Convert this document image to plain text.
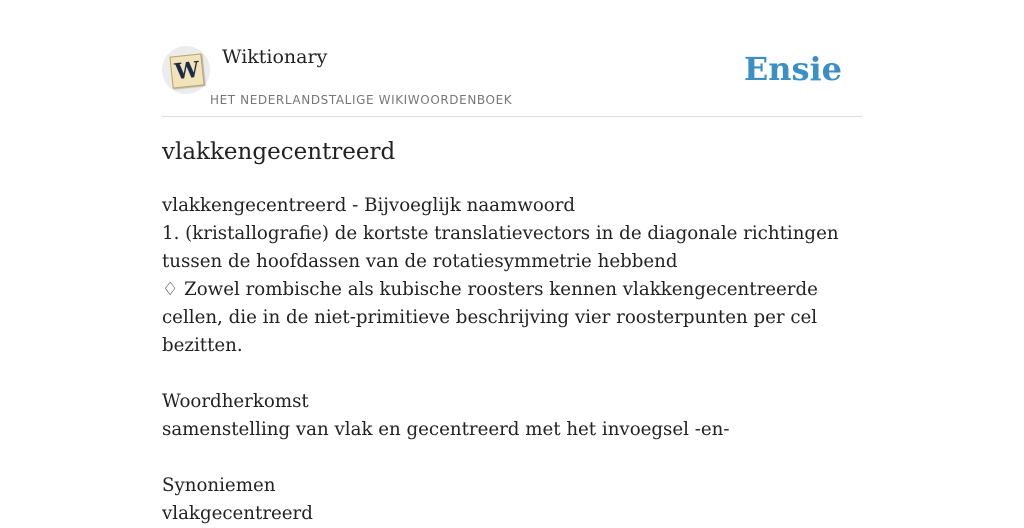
W Wiktionary
HET NEDERLANDSTALIGE WIKIWOORDENBOEK
Ensie
vlakkengecentreerd

vlakkengecentreerd - Bijvoeglijk naamwoord

1. (kristallografie) de kortste translatievectors in de diagonale richtingen tussen de hoofdassen van de rotatiesymmetrie hebbend

♢ Zowel rombische als kubische roosters kennen vlakkengecentreerde cellen, die in de niet-primitieve beschrijving vier roosterpunten per cel bezitten.

Woordherkomst

samenstelling van vlak en gecentreerd met het invoegsel -en-

Synoniemen

vlakgecentreerd
